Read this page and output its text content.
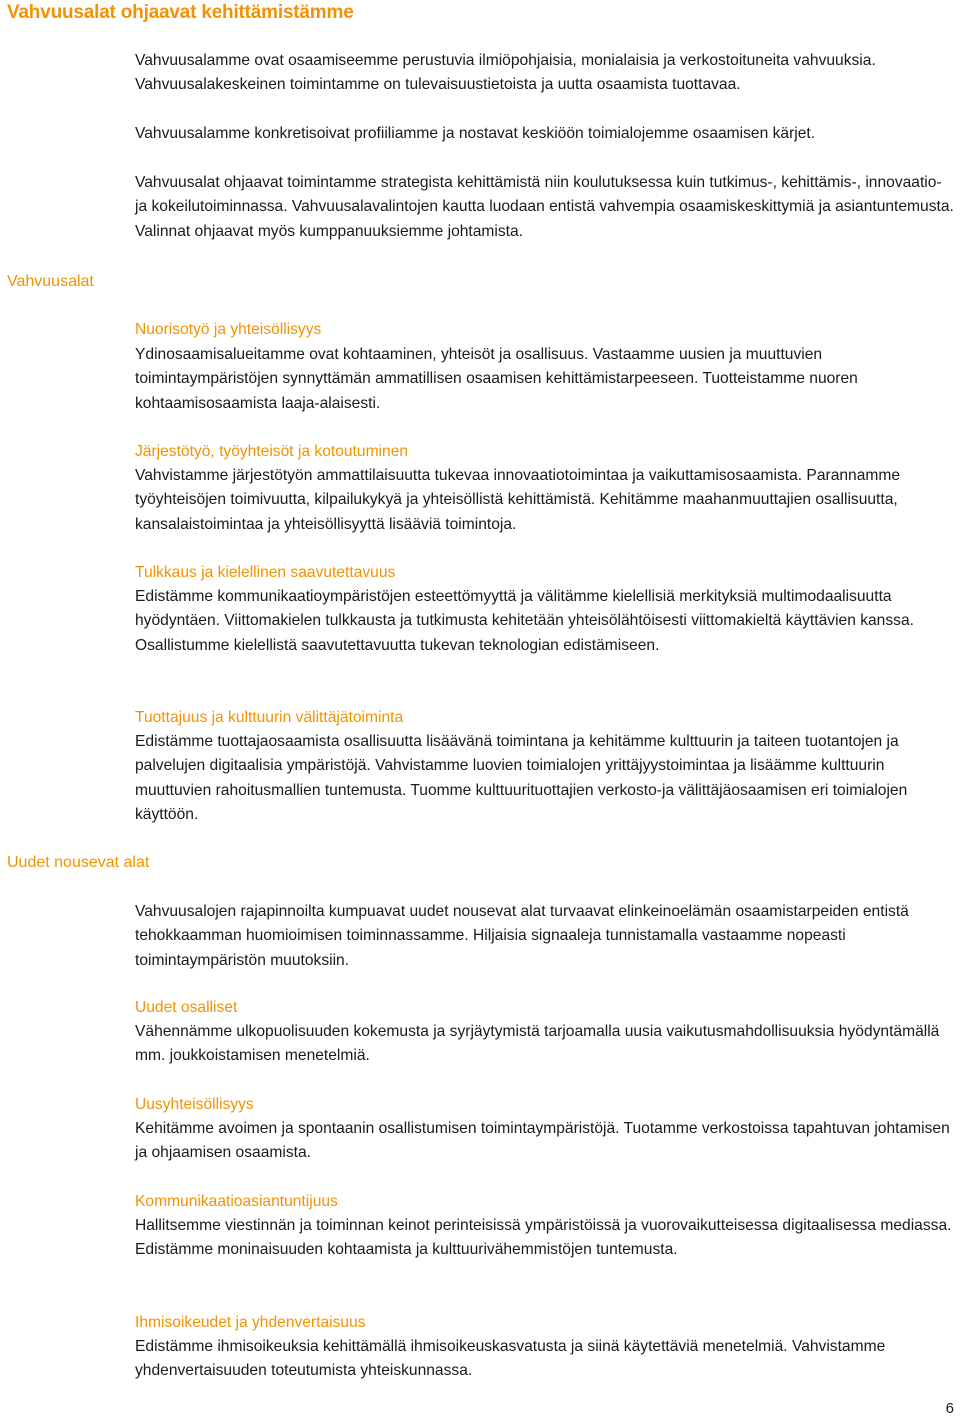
Vahvuusalat ohjaavat kehittämistämme

Vahvuusalamme ovat osaamiseemme perustuvia ilmiöpohjaisia, monialaisia ja verkostoituneita vahvuuksia. Vahvuusalakeskeinen toimintamme on tulevaisuustietoista ja uutta osaamista tuottavaa.

Vahvuusalamme konkretisoivat profiiliamme ja nostavat keskiöön toimialojemme osaamisen kärjet.

Vahvuusalat ohjaavat toimintamme strategista kehittämistä niin koulutuksessa kuin tutkimus-, kehittämis-, innovaatio- ja kokeilutoiminnassa. Vahvuusalavalintojen kautta luodaan entistä vahvempia osaamiskeskittymiä ja asiantuntemusta. Valinnat ohjaavat myös kumppanuuksiemme johtamista.

Vahvuusalat

Nuorisotyö ja yhteisöllisyys

Ydinosaamisalueitamme ovat kohtaaminen, yhteisöt ja osallisuus. Vastaamme uusien ja muuttuvien toimintaympäristöjen synnyttämän ammatillisen osaamisen kehittämistarpeeseen. Tuotteistamme nuoren kohtaamisosaamista laaja-alaisesti.

Järjestötyö, työyhteisöt ja kotoutuminen

Vahvistamme järjestötyön ammattilaisuutta tukevaa innovaatiotoimintaa ja vaikuttamisosaamista. Parannamme työyhteisöjen toimivuutta, kilpailukykyä ja yhteisöllistä kehittämistä. Kehitämme maahanmuuttajien osallisuutta, kansalaistoimintaa ja yhteisöllisyyttä lisääviä toimintoja.

Tulkkaus ja kielellinen saavutettavuus

Edistämme kommunikaatioympäristöjen esteettömyyttä ja välitämme kielellisiä merkityksiä multimodaalisuutta hyödyntäen. Viittomakielen tulkkausta ja tutkimusta kehitetään yhteisölähtöisesti viittomakieltä käyttävien kanssa. Osallistumme kielellistä saavutettavuutta tukevan teknologian edistämiseen.

Tuottajuus ja kulttuurin välittäjätoiminta

Edistämme tuottajaosaamista osallisuutta lisäävänä toimintana ja kehitämme kulttuurin ja taiteen tuotantojen ja palvelujen digitaalisia ympäristöjä. Vahvistamme luovien toimialojen yrittäjyystoimintaa ja lisäämme kulttuurin muuttuvien rahoitusmallien tuntemusta. Tuomme kulttuurituottajien verkosto-ja välittäjäosaamisen eri toimialojen käyttöön.

Uudet nousevat alat

Vahvuusalojen rajapinnoilta kumpuavat uudet nousevat alat turvaavat elinkeinoelämän osaamistarpeiden entistä tehokkaamman huomioimisen toiminnassamme. Hiljaisia signaaleja tunnistamalla vastaamme nopeasti toimintaympäristön muutoksiin.

Uudet osalliset

Vähennämme ulkopuolisuuden kokemusta ja syrjäytymistä tarjoamalla uusia vaikutusmahdollisuuksia hyödyntämällä mm. joukkoistamisen menetelmiä.

Uusyhteisöllisyys

Kehitämme avoimen ja spontaanin osallistumisen toimintaympäristöjä. Tuotamme verkostoissa tapahtuvan johtamisen ja ohjaamisen osaamista.

Kommunikaatioasiantuntijuus

Hallitsemme viestinnän ja toiminnan keinot perinteisissä ympäristöissä ja vuorovaikutteisessa digitaalisessa mediassa. Edistämme moninaisuuden kohtaamista ja kulttuurivähemmistöjen tuntemusta.

Ihmisoikeudet ja yhdenvertaisuus

Edistämme ihmisoikeuksia kehittämällä ihmisoikeuskasvatusta ja siinä käytettäviä menetelmiä. Vahvistamme yhdenvertaisuuden toteutumista yhteiskunnassa.

6
